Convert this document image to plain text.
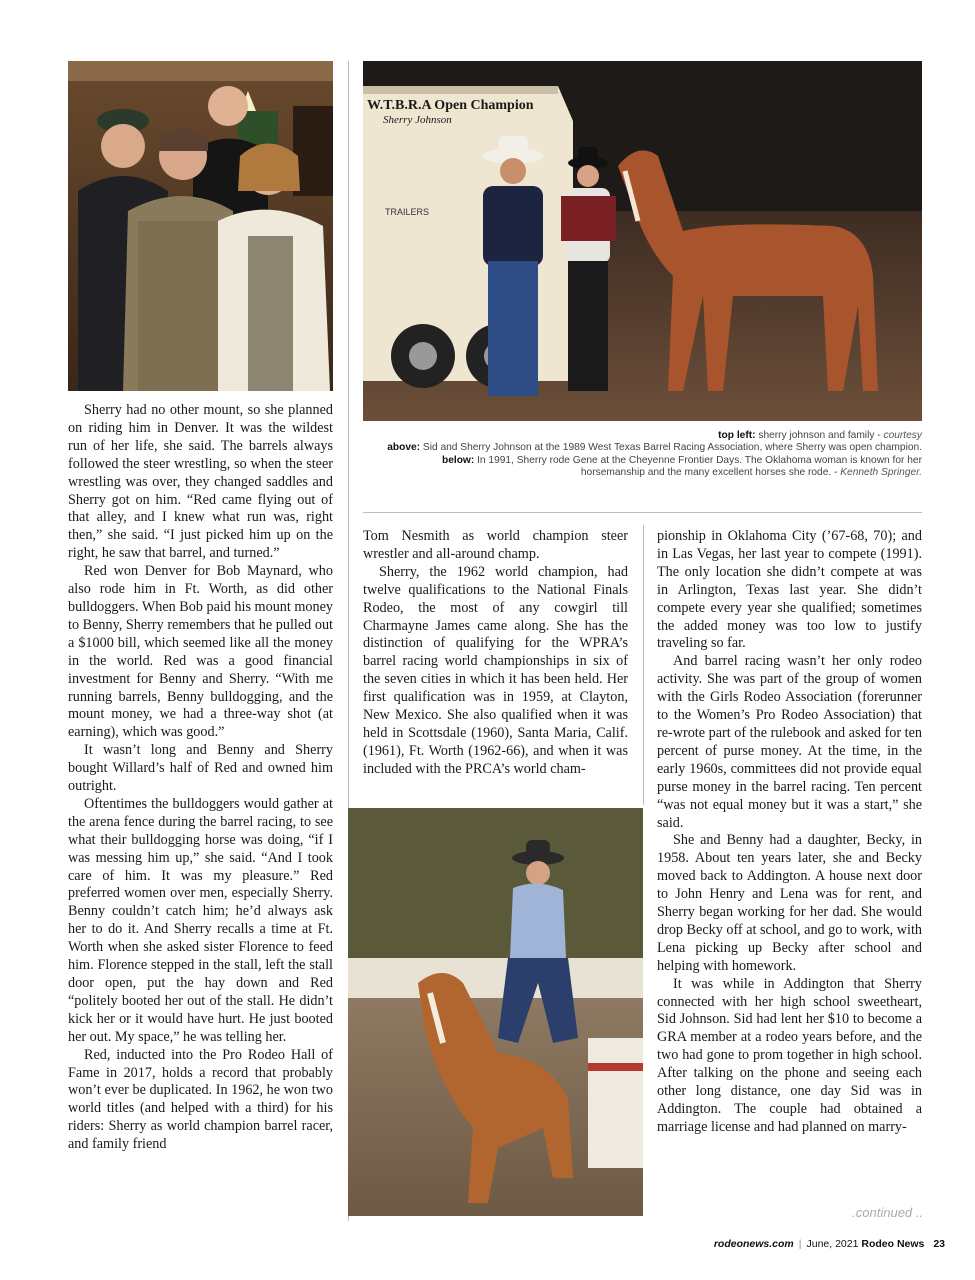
W.T.B.R.A Open Champion
Sherry Johnson
TRAILERS
top left: sherry johnson and family - courtesy
above: Sid and Sherry Johnson at the 1989 West Texas Barrel Racing Association, where Sherry was open champion.
below: In 1991, Sherry rode Gene at the Cheyenne Frontier Days. The Oklahoma woman is known for her horsemanship and the many excellent horses she rode. - Kenneth Springer.

Sherry had no other mount, so she planned on riding him in Denver. It was the wildest run of her life, she said. The barrels always followed the steer wrestling, so when the steer wrestling was over, they changed saddles and Sherry got on him. “Red came flying out of that alley, and I knew what run was, right then,” she said. “I just picked him up on the right, he saw that barrel, and turned.”

Red won Denver for Bob Maynard, who also rode him in Ft. Worth, as did other bulldoggers. When Bob paid his mount money to Benny, Sherry remembers that he pulled out a $1000 bill, which seemed like all the money in the world. Red was a good financial investment for Benny and Sherry. “With me running barrels, Benny bulldogging, and the mount money, we had a three-way shot (at earning), which was good.”

It wasn’t long and Benny and Sherry bought Willard’s half of Red and owned him outright.

Oftentimes the bulldoggers would gather at the arena fence during the barrel racing, to see what their bulldogging horse was doing, “if I was messing him up,” she said. “And I took care of him. It was my pleasure.” Red preferred women over men, especially Sherry. Benny couldn’t catch him; he’d always ask her to do it. And Sherry recalls a time at Ft. Worth when she asked sister Florence to feed him. Florence stepped in the stall, left the stall door open, put the hay down and Red “politely booted her out of the stall. He didn’t kick her or it would have hurt. He just booted her out. My space,” he was telling her.

Red, inducted into the Pro Rodeo Hall of Fame in 2017, holds a record that probably won’t ever be duplicated. In 1962, he won two world titles (and helped with a third) for his riders: Sherry as world champion barrel racer, and family friend

Tom Nesmith as world champion steer wrestler and all-around champ.

Sherry, the 1962 world champion, had twelve qualifications to the National Finals Rodeo, the most of any cowgirl till Charmayne James came along. She has the distinction of qualifying for the WPRA’s barrel racing world championships in six of the seven cities in which it has been held. Her first qualification was in 1959, at Clayton, New Mexico. She also qualified when it was held in Scottsdale (1960), Santa Maria, Calif. (1961), Ft. Worth (1962-66), and when it was included with the PRCA’s world cham-

pionship in Oklahoma City (’67-68, 70); and in Las Vegas, her last year to compete (1991). The only location she didn’t compete at was in Arlington, Texas last year. She didn’t compete every year she qualified; sometimes the added money was too low to justify traveling so far.

And barrel racing wasn’t her only rodeo activity. She was part of the group of women with the Girls Rodeo Association (forerunner to the Women’s Pro Rodeo Association) that re-wrote part of the rulebook and asked for ten percent of purse money. At the time, in the early 1960s, committees did not provide equal purse money in the barrel racing. Ten percent “was not equal money but it was a start,” she said.

She and Benny had a daughter, Becky, in 1958. About ten years later, she and Becky moved back to Addington. A house next door to John Henry and Lena was for rent, and Sherry began working for her dad. She would drop Becky off at school, and go to work, with Lena picking up Becky after school and helping with homework.

It was while in Addington that Sherry connected with her high school sweetheart, Sid Johnson. Sid had lent her $10 to become a GRA member at a rodeo years before, and the two had gone to prom together in high school. After talking on the phone and seeing each other long distance, one day Sid was in Addington. The couple had obtained a marriage license and had planned on marry-

.continued ..
rodeonews.com | June, 2021 Rodeo News 23
